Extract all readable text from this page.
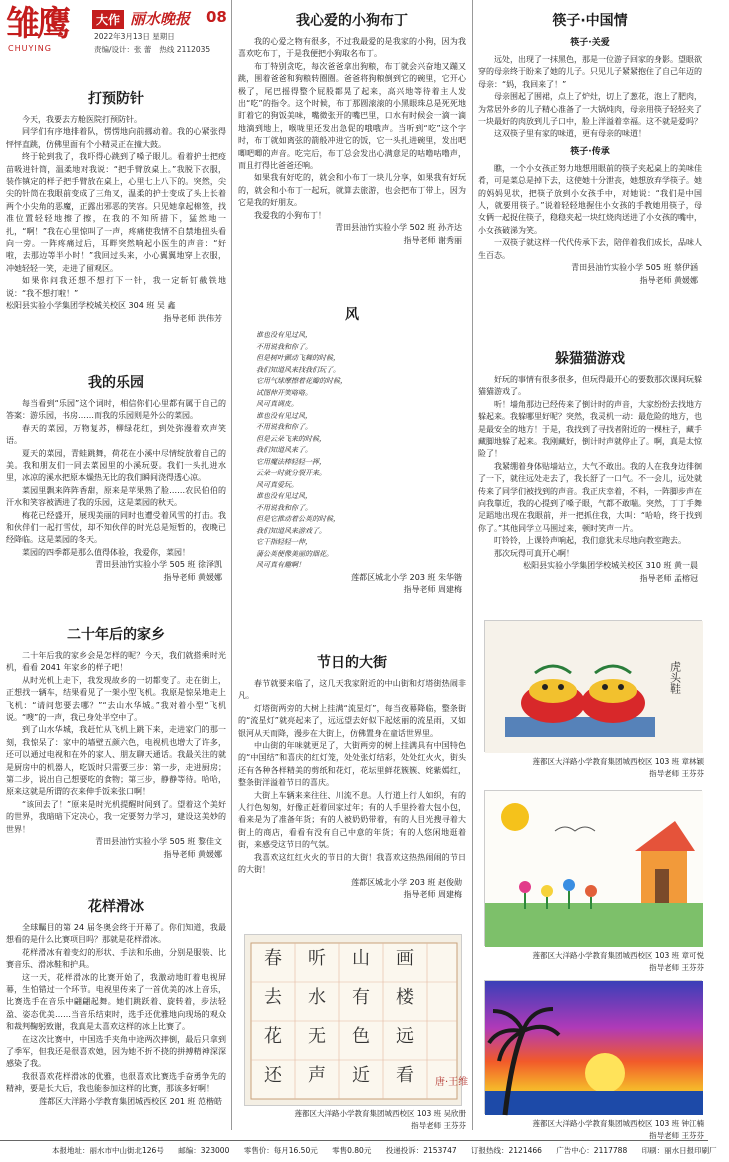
雏鹰
CHUYING
大作 丽水晚报 08
2022年3月13日 星期日
责编/设计：张 蕾 热线 2112035
打预防针

今天，我要去方舱医院打预防针。

同学们有序地排着队，愣愣地向前挪动着。我的心紧张得怦怦直跳，仿佛里面有个小精灵正在撞大鼓。

终于轮到我了，我吓得心跳到了嗓子眼儿。看着护士把疫苗吸进针筒，温柔地对我说：“把手臂放桌上。”我脱下衣服，装作镇定的样子把手臂放在桌上，心里七上八下的。突然，尖尖的针筒在我眼前变成了三角叉，温柔的护士变成了头上长着两个小尖角的恶魔，正露出邪恶的笑容。只见她拿起棉签，找准位置轻轻地擦了擦，在我的不知所措下，猛然地一扎，“啊！”我在心里惊叫了一声，疼痛使我情不自禁地扭头看向一旁。一阵疼痛过后，耳畔突然响起小医生的声音：“好啦，去那边等半小时！”我回过头来，小心翼翼地穿上衣服，冲她轻轻一笑，走进了留观区。

如果你问我还想不想打下一针，我一定斩钉截铁地说：“我不想打啦！”

松阳县实验小学集团学校城关校区 304 班 吴 鑫
指导老师 洪伟芳
我的乐园

每当看到“乐园”这个词时，相信你们心里都有属于自己的答案：游乐园，书房……而我的乐园则是外公的菜园。

春天的菜园，万物复苏，柳绿花红，到处弥漫着欢声笑语。

夏天的菜园，青蛙跳舞，荷花在小溪中尽情绽放着自己的美。我和朋友们一同去菜园里的小溪玩耍。我们一头扎进水里，冰凉的溪水把原本燥热无比的我们瞬间浇得透心凉。

菜园里飘来阵阵香甜，原来是苹果熟了脸……农民伯伯的汗水和笑容被洒进了我的乐园，这是菜园的秋天。

梅花已经盛开，展现美丽的同时也遭受着风雪的打击。我和伙伴们一起打雪仗，却不知伙伴的时光总是短暂的，夜晚已经降临。这是菜园的冬天。

菜园的四季都是那么值得体验，我爱你，菜园！

青田县油竹实验小学 505 班 徐泽凯
指导老师 黄媛娜
二十年后的家乡

二十年后我的家乡会是怎样的呢？今天，我们就搭乘时光机，看看 2041 年家乡的样子吧！

从时光机上走下，我发现故乡的一切都变了。走在街上，正想找一辆车，结果看见了一架小型飞机。我原是惊呆地走上飞机：“请问您要去哪？”“去山水华城。”我对着小型“飞机说。“嗖”的一声，我已身处半空中了。

到了山水华城，我赶忙从飞机上跳下来，走进家门的那一刻，我惊呆了：家中的墙壁五颜六色，电视机也增大了许多，还可以通过电视和在外的家人、朋友聊天通话。我最关注的就是厨房中的机器人，吃饭时只需要三步：第一步，走进厨房；第二步，说出自己想要吃的食物；第三步，静静等待。哈哈，原来这就是所谓的衣来伸手饭来张口啊！

“该回去了！”原来是时光机提醒时间到了。望着这个美好的世界，我暗暗下定决心，我一定要努力学习，建设这美妙的世界！

青田县油竹实验小学 505 班 黎佳文
指导老师 黄媛娜
花样滑冰

全球瞩目的第 24 届冬奥会终于开幕了。你们知道，我最想看的是什么比赛项目吗？那就是花样滑冰。

花样滑冰有着变幻的形状、手法和乐曲，分别是服装、比赛音乐、滑冰鞋和护具。

这一天，花样滑冰的比赛开始了，我激动地盯着电视屏幕，生怕错过一个环节。电视里传来了一首优美的冰上音乐，比赛选手在音乐中翩翩起舞。她们跳跃着、旋转着，步法轻盈、姿态优美……当音乐结束时，选手还优雅地向现场的观众和裁判鞠躬致谢，我真是太喜欢这样的冰上比赛了。

在这次比赛中，中国选手夹角中途两次摔倒，最后只拿到了季军，但我还是很喜欢她，因为她不折不挠的拼搏精神深深感染了我。

我很喜欢花样滑冰的优雅，也很喜欢比赛选手奋勇争先的精神，要是长大后，我也能参加这样的比赛，那该多好啊！

莲都区大洋路小学教育集团城西校区 201 班 范楷皓
我心爱的小狗布丁

我的心爱之物有很多，不过我最爱的是我家的小狗，因为我喜欢吃布丁，于是我便把小狗取名布丁。

布丁特别贪吃，每次爸爸拿出狗粮，布丁就会兴奋地又蹦又跳，围着爸爸和狗粮转圈圈。爸爸将狗粮倒到它的碗里，它开心极了，尾巴摇得整个屁股都晃了起来，高兴地等待着主人发出“吃”的指令。这个时候，布丁那圆滚滚的小黑眼珠总是死死地盯着它的狗饭美味，嘴微张开的嘴巴里，口水有时候会一滴一滴地滴到地上，喉咙里还发出急促的哦哦声。当听到“吃”这个字时，布丁就如离弦的箭般冲进它的饭，它一头扎进碗里，发出吧唧吧唧的声音。吃完后，布丁总会发出心满意足的咕噜咕噜声，而且打得比爸爸还响。

如果我有好吃的，就会和小布丁一块儿分享，如果我有好玩的，就会和小布丁一起玩，就算去旅游，也会把布丁带上，因为它是我的好朋友。

我爱我的小狗布丁！

青田县油竹实验小学 502 班 孙齐达
指导老师 谢秀丽
风
谁也没有见过风，
不用说我和你了。
但是树叶颤动飞舞的时候，
我们知道风来找我们玩了。
它用气球摩擦着花瓣的时候，
试图伸开笑咯咯。
风可真调皮。
谁也没有见过风，
不用说我和你了。
但是云朵飞来的时候，
我们知道风来了。
它用魔法棒轻轻一挥，
云朵一时就分裂开来。
风可真爱玩。
谁也没有见过风，
不用说我和你了。
但是它推动着公英的时候，
我们知道风来游戏了。
它干指轻轻一伸，
蒲公英便像美丽的烟花。
风可真有趣啊！
莲都区城北小学 203 班 朱华锴
指导老师 周建梅
节日的大街

春节就要来临了，这几天我家附近的中山街和灯塔街热闹非凡。

灯塔街两旁的大树上挂满“流星灯”，每当夜幕降临，整条街的“流星灯”就亮起来了，远远望去好似下起炫丽的流星雨，又如银河从天而降，漫步在大街上，仿佛置身在童话世界里。

中山街的年味就更足了，大街两旁的树上挂满具有中国特色的“中国结”和喜庆的红灯笼，处处张灯结彩，处处红火火，街头还有各种各样精美的剪纸和花灯，花坛里鲜花簇簇、姹紫嫣红，整条街洋溢着节日的喜庆。

大街上车辆来来往往、川流不息。人行道上行人如织，有的人行色匆匆，好像正赶着回家过年；有的人手里拎着大包小包，看来是为了准备年货；有的人被奶奶带着，有的人目光搜寻着大街上的商店，看看有没有自己中意的年货；有的人悠闲地逛着街，来感受这节日的气氛。

我喜欢这红红火火的节日的大街！我喜欢这热热闹闹的节日的大街！

莲都区城北小学 203 班 赵俊勋
指导老师 周建梅
画
楼
远
看
山
有
色
近
听
水
无
声
春
去
花
还	唐·王维
莲都区大洋路小学教育集团城西校区 103 班 吴欣册
指导老师 王芬芬
筷子·中国情
筷子·关爱

远处，出现了一抹黑色，那是一位游子回家的身影。望眼欲穿的母亲终于盼来了她的儿子。只见儿子紧紧抱住了自己年迈的母亲：“妈，我回来了！”

母亲围起了围裙，点上了炉灶，切上了葱花，泡上了肥肉，为常居外乡的儿子精心准备了一大锅炖肉，母亲用筷子轻轻夹了一块最好的肉放到儿子口中，脸上洋溢着幸福。这不就是爱吗？

这双筷子里有家的味道，更有母亲的味道！

筷子·传承

瞧，一个小女孩正努力地想用眼前的筷子夹起桌上的美味佳肴，可是菜总是掉下去，这使她十分泄丧，她想放弃学筷子。她的妈妈见状，把筷子放到小女孩手中，对她说：“我们是中国人，就要用筷子。”说着轻轻地握住小女孩的手教她用筷子，母女俩一起捉住筷子，稳稳夹起一块红烧肉送进了小女孩的嘴中，小女孩破涕为笑。

一双筷子就这样一代代传承下去，陪伴着我们成长，品味人生百态。

青田县油竹实验小学 505 班 蔡伊涵
指导老师 黄媛娜
躲猫猫游戏

好玩的事情有很多很多，但玩得最开心的要数那次课间玩躲猫猫游戏了。

听！墙角那边已经传来了倒计时的声音，大家纷纷去找地方躲起来。我躲哪里好呢？突然，我灵机一动：最危险的地方，也是最安全的地方！于是，我找到了寻找者附近的一棵柱子，藏手藏脚地躲了起来。我刚藏好，倒计时声就停止了。啊，真是太惊险了！

我紧绷着身体贴墙站立，大气不敢出。我的人在我身边徘徊了一下，就往远处走去了，我长舒了一口气。不一会儿，远处就传来了同学们被找到的声音。我正庆幸着，不料，一阵脚步声在向我靠近，我的心提到了嗓子眼，气都不敢喘。突然，丁丁手舞足蹈地出现在我眼前，并一把抓住我，大叫：“哈哈，终于找到你了。”其他同学立马围过来，顿时笑声一片。

叮铃铃，上课铃声响起，我们意犹未尽地向教室跑去。

那次玩得可真开心啊！

松阳县实验小学集团学校城关校区 310 班 黄一晨
指导老师 孟榕冠
虎头鞋
莲都区大洋路小学教育集团城西校区 103 班 章林颖
指导老师 王芬芬
莲都区大洋路小学教育集团城西校区 103 班 章可悦
指导老师 王芬芬
莲都区大洋路小学教育集团城西校区 103 班 钟江楠
指导老师 王芬芬
本报地址：丽水市中山街北126号 邮编：323000 零售价：每月16.50元 零售0.80元 投递投诉：2153747 订报热线：2121466 广告中心：2117788 印刷：丽水日报印刷厂
